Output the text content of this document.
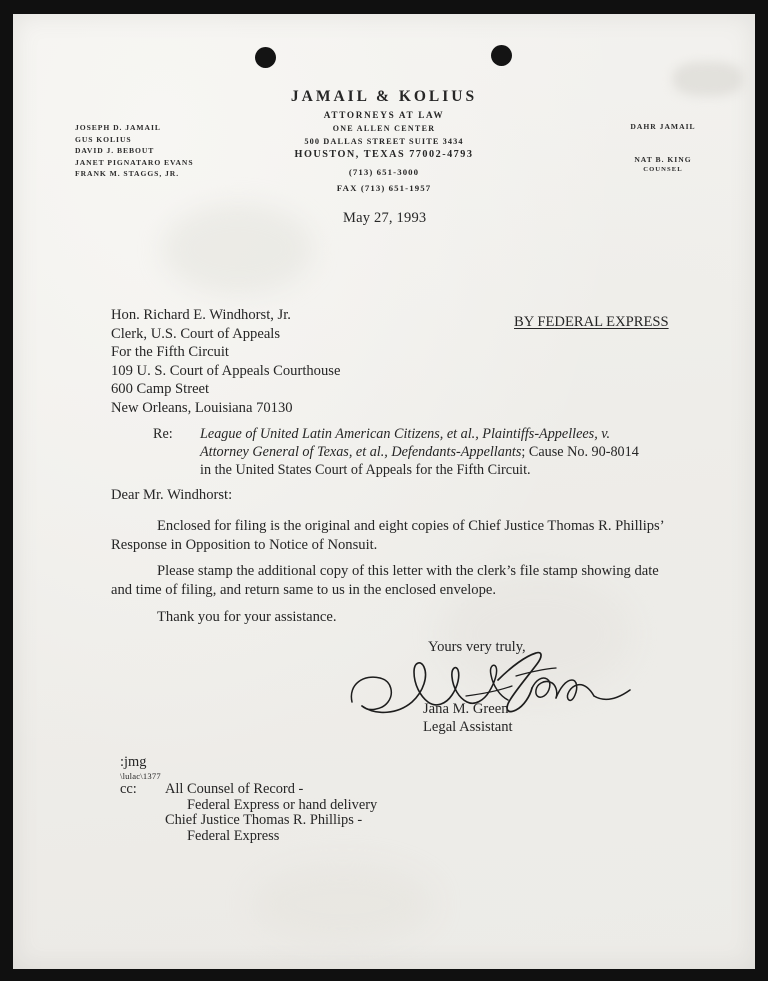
JAMAIL & KOLIUS
ATTORNEYS AT LAW
ONE ALLEN CENTER
500 DALLAS STREET SUITE 3434
HOUSTON, TEXAS 77002-4793
(713) 651-3000
FAX (713) 651-1957
JOSEPH D. JAMAIL
GUS KOLIUS
DAVID J. BEBOUT
JANET PIGNATARO EVANS
FRANK M. STAGGS, JR.
DAHR JAMAIL
NAT B. KING
COUNSEL
May 27, 1993
Hon. Richard E. Windhorst, Jr.
Clerk, U.S. Court of Appeals
For the Fifth Circuit
109 U. S. Court of Appeals Courthouse
600 Camp Street
New Orleans, Louisiana 70130
BY FEDERAL EXPRESS
Re: League of United Latin American Citizens, et al., Plaintiffs-Appellees, v.
Attorney General of Texas, et al., Defendants-Appellants; Cause No. 90-8014
in the United States Court of Appeals for the Fifth Circuit.
Dear Mr. Windhorst:
Enclosed for filing is the original and eight copies of Chief Justice Thomas R. Phillips’ Response in Opposition to Notice of Nonsuit.
Please stamp the additional copy of this letter with the clerk’s file stamp showing date and time of filing, and return same to us in the enclosed envelope.
Thank you for your assistance.
Yours very truly,
Jana M. Green
Legal Assistant
:jmg
\lulac\1377
cc: All Counsel of Record -
Federal Express or hand delivery
Chief Justice Thomas R. Phillips -
Federal Express
